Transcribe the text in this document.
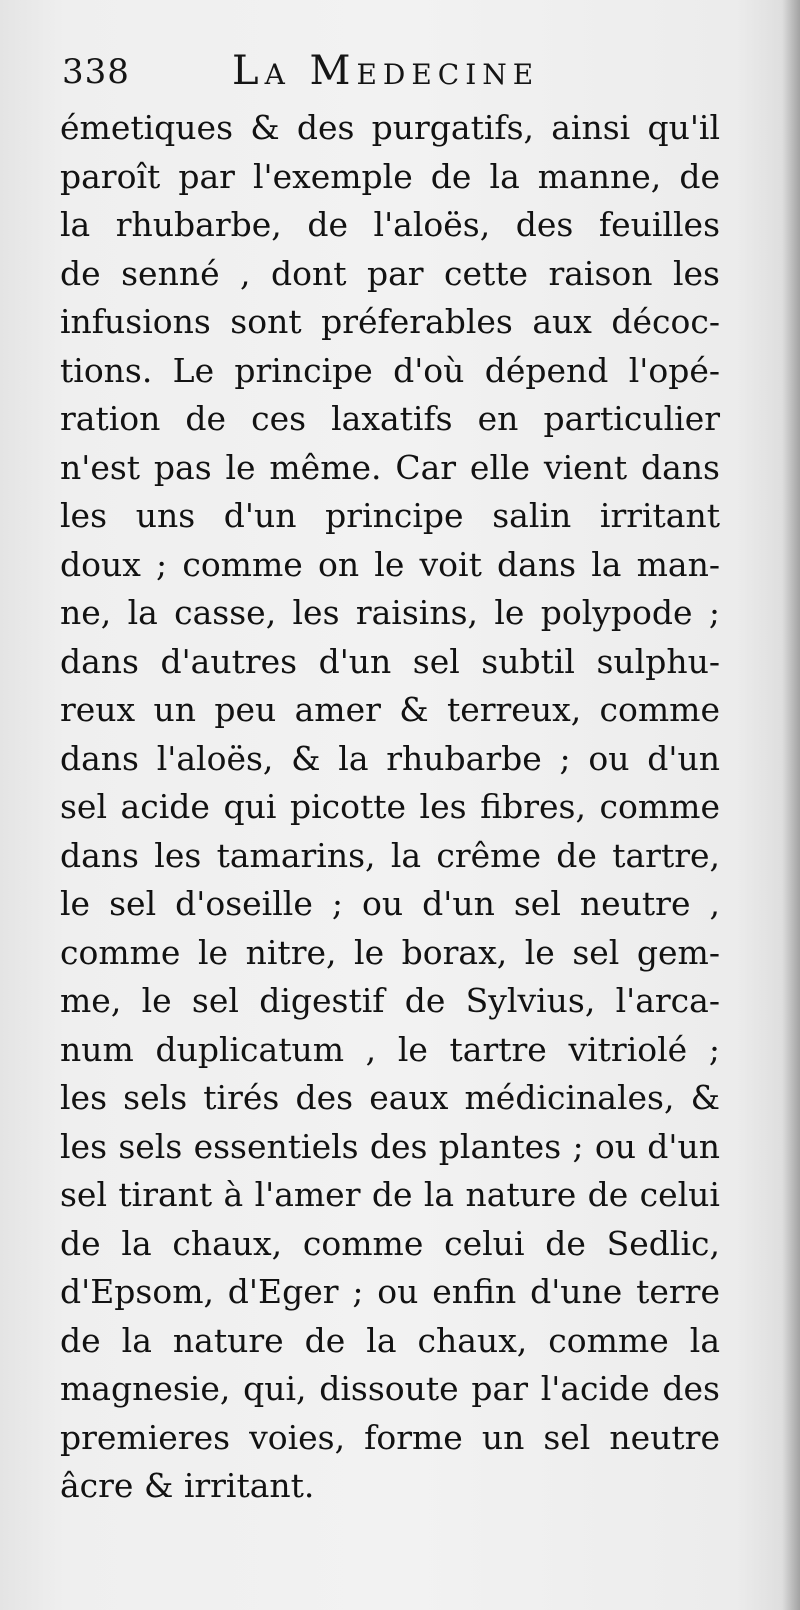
338	La Medecine
émetiques & des purgatifs, ainsi qu'il
paroît par l'exemple de la manne, de
la rhubarbe, de l'aloës, des feuilles
de senné , dont par cette raison les
infusions sont préferables aux décoc-
tions. Le principe d'où dépend l'opé-
ration de ces laxatifs en particulier
n'est pas le même. Car elle vient dans
les uns d'un principe salin irritant
doux ; comme on le voit dans la man-
ne, la casse, les raisins, le polypode ;
dans d'autres d'un sel subtil sulphu-
reux un peu amer & terreux, comme
dans l'aloës, & la rhubarbe ; ou d'un
sel acide qui picotte les fibres, comme
dans les tamarins, la crême de tartre,
le sel d'oseille ; ou d'un sel neutre ,
comme le nitre, le borax, le sel gem-
me, le sel digestif de Sylvius, l'arca-
num duplicatum , le tartre vitriolé ;
les sels tirés des eaux médicinales, &
les sels essentiels des plantes ; ou d'un
sel tirant à l'amer de la nature de celui
de la chaux, comme celui de Sedlic,
d'Epsom, d'Eger ; ou enfin d'une terre
de la nature de la chaux, comme la
magnesie, qui, dissoute par l'acide des
premieres voies, forme un sel neutre
âcre & irritant.
